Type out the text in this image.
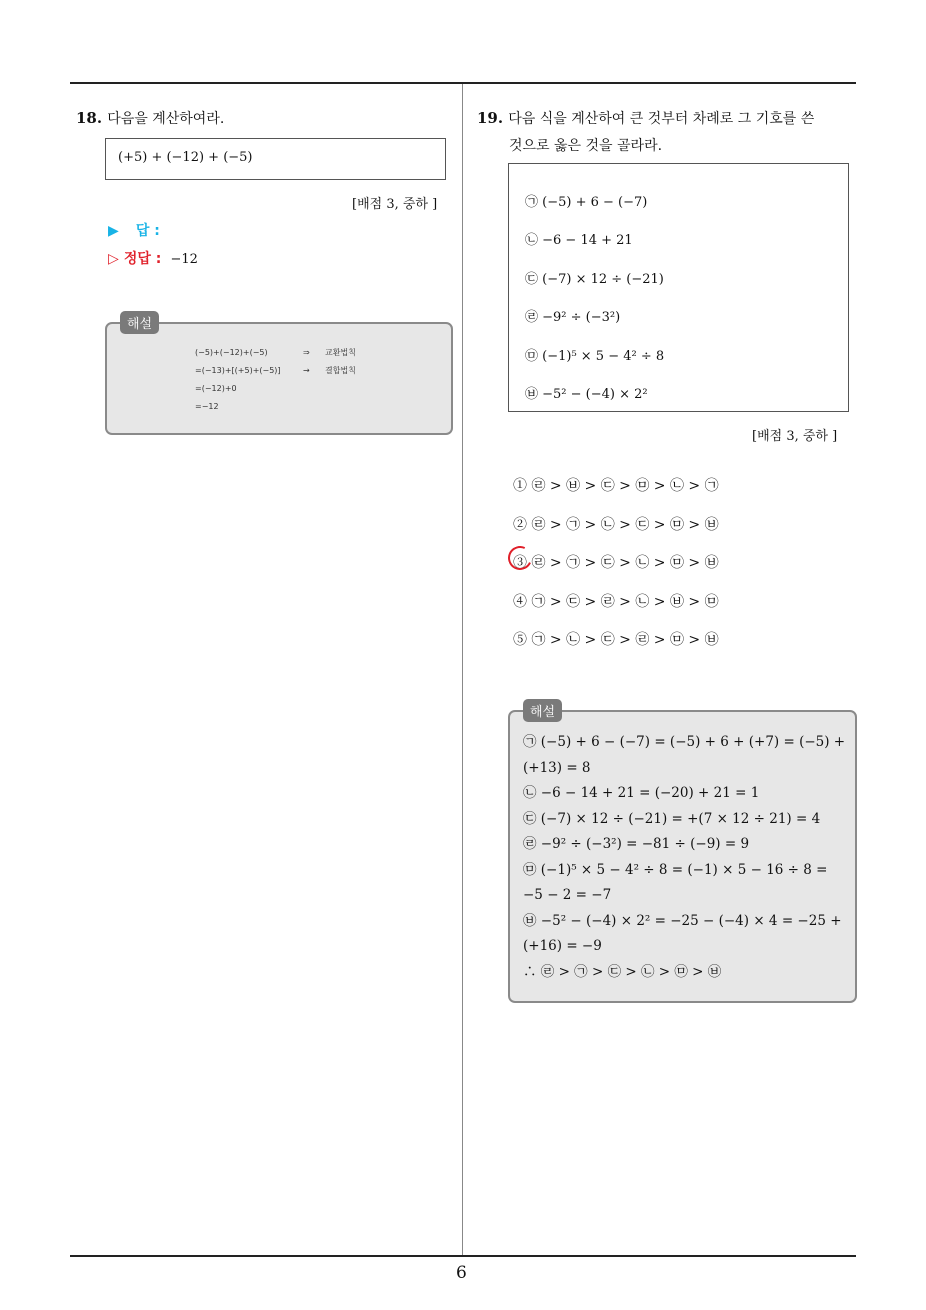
18. 다음을 계산하여라.
(+5) + (−12) + (−5)
[배점 3, 중하 ]
▶ 답 :
▷ 정답 : −12
(−5)+(−12)+(−5)	⇒ 교환법칙
=(−13)+[(+5)+(−5)]	→ 결합법칙
=(−12)+0
=−12
해설
19. 다음 식을 계산하여 큰 것부터 차례로 그 기호를 쓴
것으로 옳은 것을 골라라.
㉠ (−5) + 6 − (−7)
㉡ −6 − 14 + 21
㉢ (−7) × 12 ÷ (−21)
㉣ −9² ÷ (−3²)
㉤ (−1)⁵ × 5 − 4² ÷ 8
㉥ −5² − (−4) × 2²
[배점 3, 중하 ]
① ㉣ > ㉥ > ㉢ > ㉤ > ㉡ > ㉠
② ㉣ > ㉠ > ㉡ > ㉢ > ㉤ > ㉥
③ ㉣ > ㉠ > ㉢ > ㉡ > ㉤ > ㉥
④ ㉠ > ㉢ > ㉣ > ㉡ > ㉥ > ㉤
⑤ ㉠ > ㉡ > ㉢ > ㉣ > ㉤ > ㉥
㉠ (−5) + 6 − (−7) = (−5) + 6 + (+7) = (−5) +
(+13) = 8
㉡ −6 − 14 + 21 = (−20) + 21 = 1
㉢ (−7) × 12 ÷ (−21) = +(7 × 12 ÷ 21) = 4
㉣ −9² ÷ (−3²) = −81 ÷ (−9) = 9
㉤ (−1)⁵ × 5 − 4² ÷ 8 = (−1) × 5 − 16 ÷ 8 =
−5 − 2 = −7
㉥ −5² − (−4) × 2² = −25 − (−4) × 4 = −25 +
(+16) = −9
∴ ㉣ > ㉠ > ㉢ > ㉡ > ㉤ > ㉥
해설
6
